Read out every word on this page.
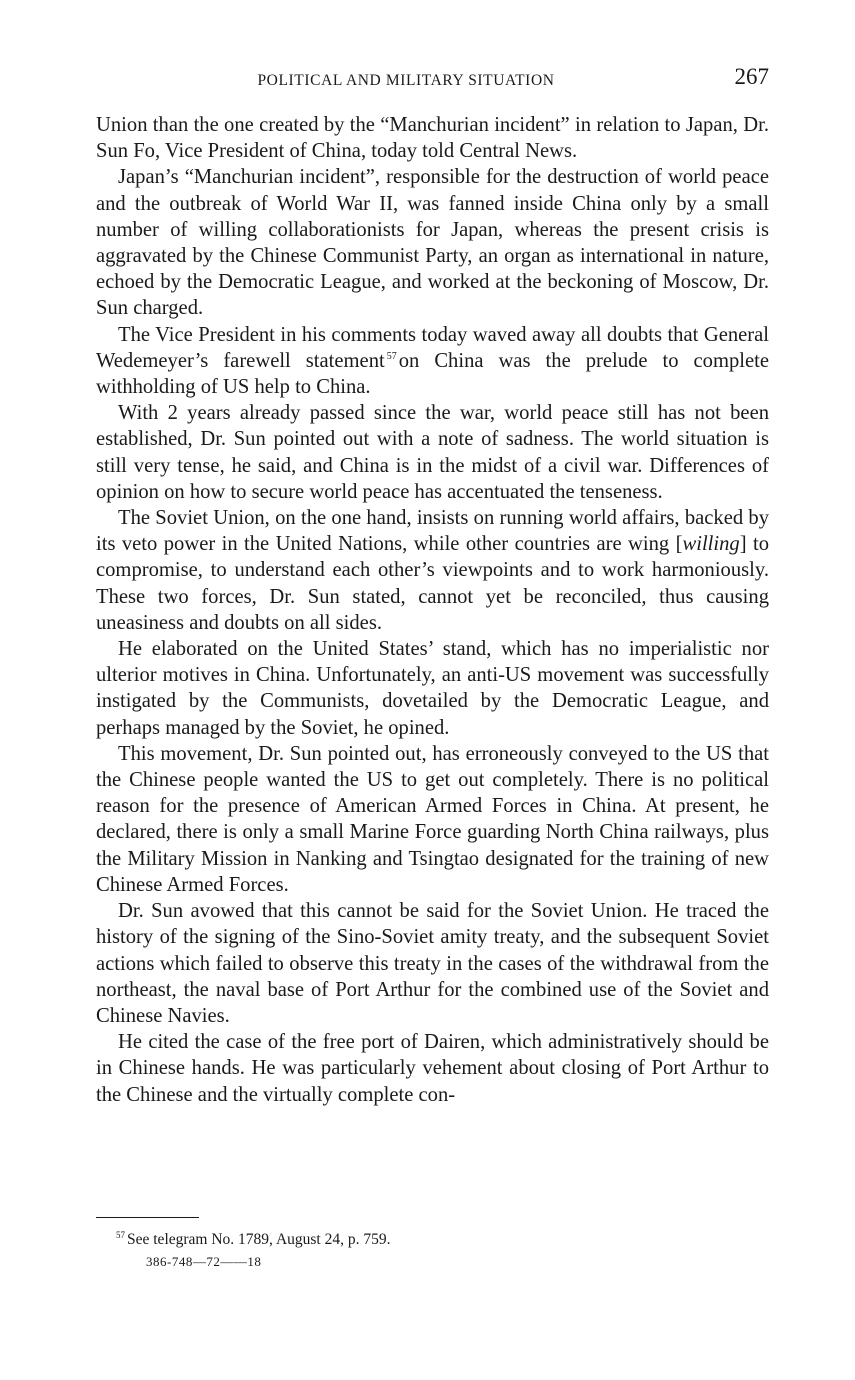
POLITICAL AND MILITARY SITUATION	267

Union than the one created by the “Manchurian incident” in relation to Japan, Dr. Sun Fo, Vice President of China, today told Central News.

Japan’s “Manchurian incident”, responsible for the destruction of world peace and the outbreak of World War II, was fanned inside China only by a small number of willing collaborationists for Japan, whereas the present crisis is aggravated by the Chinese Communist Party, an organ as international in nature, echoed by the Democratic League, and worked at the beckoning of Moscow, Dr. Sun charged.

The Vice President in his comments today waved away all doubts that General Wedemeyer’s farewell statement $^{57}$on China was the prelude to complete withholding of US help to China.

With 2 years already passed since the war, world peace still has not been established, Dr. Sun pointed out with a note of sadness. The world situation is still very tense, he said, and China is in the midst of a civil war. Differences of opinion on how to secure world peace has accentuated the tenseness.

The Soviet Union, on the one hand, insists on running world affairs, backed by its veto power in the United Nations, while other countries are wing [willing] to compromise, to understand each other’s viewpoints and to work harmoniously. These two forces, Dr. Sun stated, cannot yet be reconciled, thus causing uneasiness and doubts on all sides.

He elaborated on the United States’ stand, which has no imperialistic nor ulterior motives in China. Unfortunately, an anti-US movement was successfully instigated by the Communists, dovetailed by the Democratic League, and perhaps managed by the Soviet, he opined.

This movement, Dr. Sun pointed out, has erroneously conveyed to the US that the Chinese people wanted the US to get out completely. There is no political reason for the presence of American Armed Forces in China. At present, he declared, there is only a small Marine Force guarding North China railways, plus the Military Mission in Nanking and Tsingtao designated for the training of new Chinese Armed Forces.

Dr. Sun avowed that this cannot be said for the Soviet Union. He traced the history of the signing of the Sino-Soviet amity treaty, and the subsequent Soviet actions which failed to observe this treaty in the cases of the withdrawal from the northeast, the naval base of Port Arthur for the combined use of the Soviet and Chinese Navies.

He cited the case of the free port of Dairen, which administratively should be in Chinese hands. He was particularly vehement about closing of Port Arthur to the Chinese and the virtually complete con-

$^{57}$ See telegram No. 1789, August 24, p. 759.
386-748—72——18
